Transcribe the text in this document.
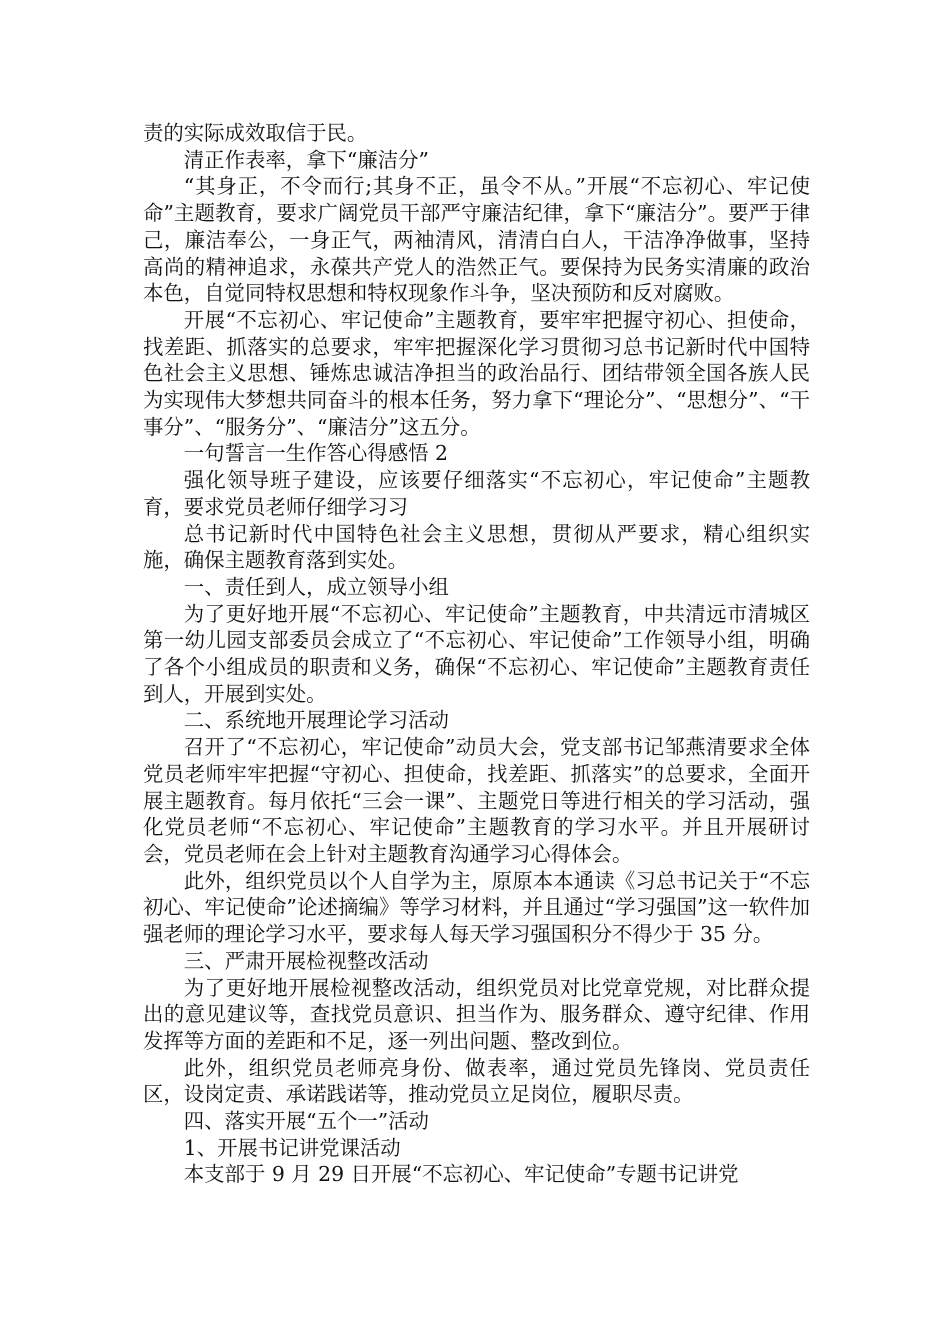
责的实际成效取信于民。

清正作表率，拿下“廉洁分”

“其身正，不令而行;其身不正，虽令不从。”开展“不忘初心、牢记使命”主题教育，要求广阔党员干部严守廉洁纪律，拿下“廉洁分”。要严于律己，廉洁奉公，一身正气，两袖清风，清清白白人，干洁净净做事，坚持高尚的精神追求，永葆共产党人的浩然正气。要保持为民务实清廉的政治本色，自觉同特权思想和特权现象作斗争，坚决预防和反对腐败。

开展“不忘初心、牢记使命”主题教育，要牢牢把握守初心、担使命，找差距、抓落实的总要求，牢牢把握深化学习贯彻习总书记新时代中国特色社会主义思想、锤炼忠诚洁净担当的政治品行、团结带领全国各族人民为实现伟大梦想共同奋斗的根本任务，努力拿下“理论分”、“思想分”、“干事分”、“服务分”、“廉洁分”这五分。

一句誓言一生作答心得感悟 2

强化领导班子建设，应该要仔细落实“不忘初心，牢记使命”主题教育，要求党员老师仔细学习习

总书记新时代中国特色社会主义思想，贯彻从严要求，精心组织实施，确保主题教育落到实处。

一、责任到人，成立领导小组

为了更好地开展“不忘初心、牢记使命”主题教育，中共清远市清城区第一幼儿园支部委员会成立了“不忘初心、牢记使命”工作领导小组，明确了各个小组成员的职责和义务，确保“不忘初心、牢记使命”主题教育责任到人，开展到实处。

二、系统地开展理论学习活动

召开了“不忘初心，牢记使命”动员大会，党支部书记邹燕清要求全体党员老师牢牢把握“守初心、担使命，找差距、抓落实”的总要求，全面开展主题教育。每月依托“三会一课”、主题党日等进行相关的学习活动，强化党员老师“不忘初心、牢记使命”主题教育的学习水平。并且开展研讨会，党员老师在会上针对主题教育沟通学习心得体会。

此外，组织党员以个人自学为主，原原本本通读《习总书记关于“不忘初心、牢记使命”论述摘编》等学习材料，并且通过“学习强国”这一软件加强老师的理论学习水平，要求每人每天学习强国积分不得少于 35 分。

三、严肃开展检视整改活动

为了更好地开展检视整改活动，组织党员对比党章党规，对比群众提出的意见建议等，查找党员意识、担当作为、服务群众、遵守纪律、作用发挥等方面的差距和不足，逐一列出问题、整改到位。

此外，组织党员老师亮身份、做表率，通过党员先锋岗、党员责任区，设岗定责、承诺践诺等，推动党员立足岗位，履职尽责。

四、落实开展“五个一”活动

1、开展书记讲党课活动

本支部于 9 月 29 日开展“不忘初心、牢记使命”专题书记讲党
